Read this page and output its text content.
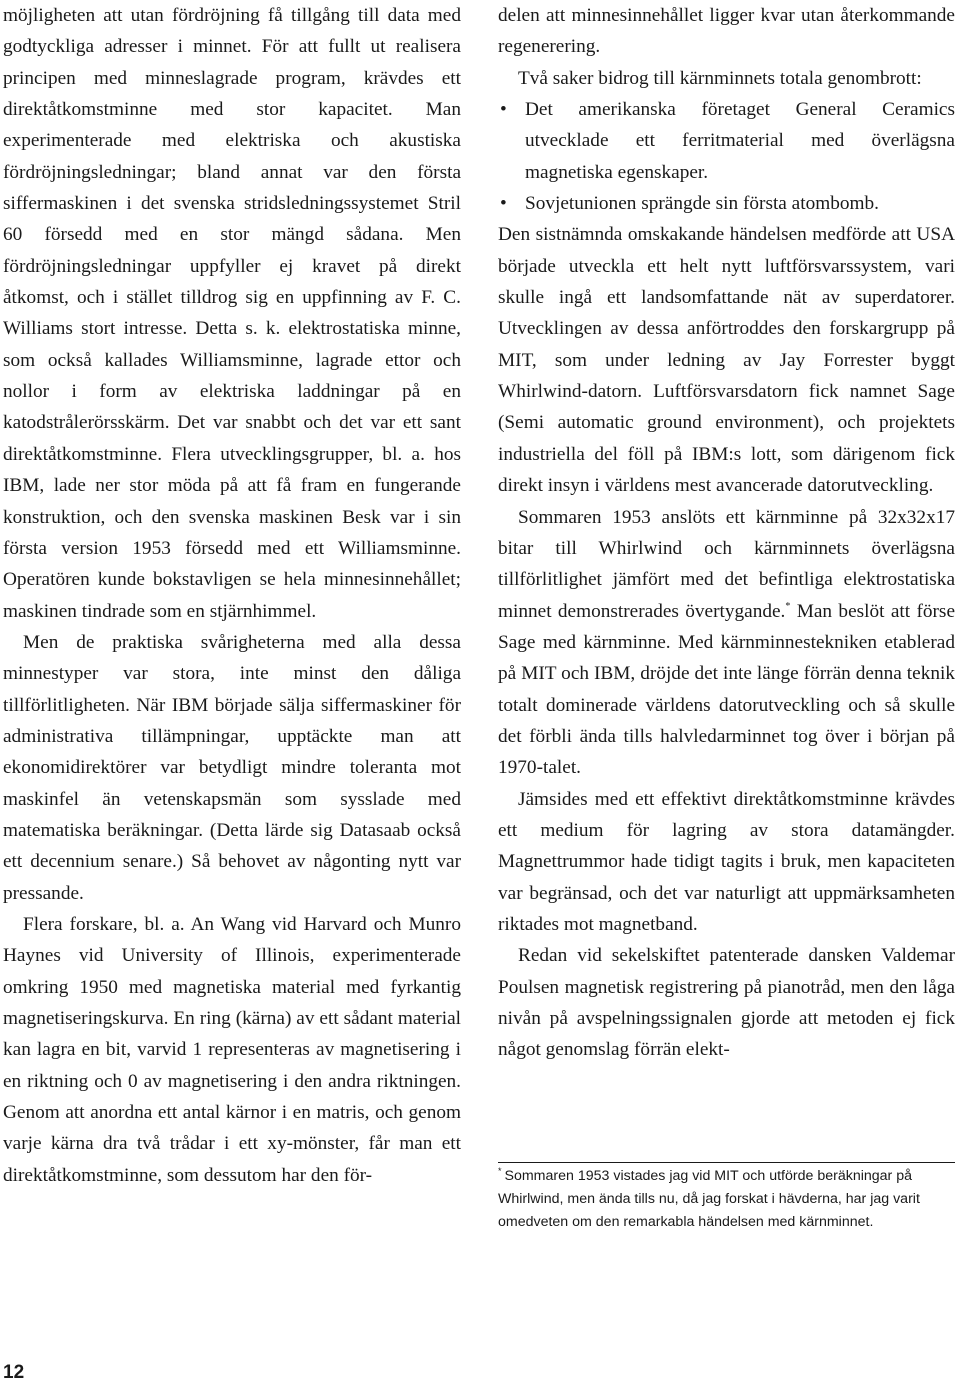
möjligheten att utan fördröjning få tillgång till data med godtyckliga adresser i minnet. För att fullt ut realisera principen med minneslagrade program, krävdes ett direktåtkomstminne med stor kapacitet. Man experimenterade med elektriska och akustiska fördröjningsledningar; bland annat var den första siffermaskinen i det svenska stridsledningssystemet Stril 60 försedd med en stor mängd sådana. Men fördröjningsledningar uppfyller ej kravet på direkt åtkomst, och i stället tilldrog sig en uppfinning av F. C. Williams stort intresse. Detta s. k. elektrostatiska minne, som också kallades Williamsminne, lagrade ettor och nollor i form av elektriska laddningar på en katodstrålerörsskärm. Det var snabbt och det var ett sant direktåtkomstminne. Flera utvecklingsgrupper, bl. a. hos IBM, lade ner stor möda på att få fram en fungerande konstruktion, och den svenska maskinen Besk var i sin första version 1953 försedd med ett Williamsminne. Operatören kunde bokstavligen se hela minnesinnehållet; maskinen tindrade som en stjärnhimmel.

Men de praktiska svårigheterna med alla dessa minnestyper var stora, inte minst den dåliga tillförlitligheten. När IBM började sälja siffermaskiner för administrativa tillämpningar, upptäckte man att ekonomidirektörer var betydligt mindre toleranta mot maskinfel än vetenskapsmän som sysslade med matematiska beräkningar. (Detta lärde sig Datasaab också ett decennium senare.) Så behovet av någonting nytt var pressande.

Flera forskare, bl. a. An Wang vid Harvard och Munro Haynes vid University of Illinois, experimenterade omkring 1950 med magnetiska material med fyrkantig magnetiseringskurva. En ring (kärna) av ett sådant material kan lagra en bit, varvid 1 representeras av magnetisering i en riktning och 0 av magnetisering i den andra riktningen. Genom att anordna ett antal kärnor i en matris, och genom varje kärna dra två trådar i ett xy-mönster, får man ett direktåtkomstminne, som dessutom har den för-

delen att minnesinnehållet ligger kvar utan återkommande regenerering.

Två saker bidrog till kärnminnets totala genombrott:

• Det amerikanska företaget General Ceramics utvecklade ett ferritmaterial med överlägsna magnetiska egenskaper.
• Sovjetunionen sprängde sin första atombomb.

Den sistnämnda omskakande händelsen medförde att USA började utveckla ett helt nytt luftförsvarssystem, vari skulle ingå ett landsomfattande nät av superdatorer. Utvecklingen av dessa anförtroddes den forskargrupp på MIT, som under ledning av Jay Forrester byggt Whirlwind-datorn. Luftförsvarsdatorn fick namnet Sage (Semi automatic ground environment), och projektets industriella del föll på IBM:s lott, som därigenom fick direkt insyn i världens mest avancerade datorutveckling.

Sommaren 1953 anslöts ett kärnminne på 32x32x17 bitar till Whirlwind och kärnminnets överlägsna tillförlitlighet jämfört med det befintliga elektrostatiska minnet demonstrerades övertygande.* Man beslöt att förse Sage med kärnminne. Med kärnminnestekniken etablerad på MIT och IBM, dröjde det inte länge förrän denna teknik totalt dominerade världens datorutveckling och så skulle det förbli ända tills halvledarminnet tog över i början på 1970-talet.

Jämsides med ett effektivt direktåtkomstminne krävdes ett medium för lagring av stora datamängder. Magnettrummor hade tidigt tagits i bruk, men kapaciteten var begränsad, och det var naturligt att uppmärksamheten riktades mot magnetband.

Redan vid sekelskiftet patenterade dansken Valdemar Poulsen magnetisk registrering på pianotråd, men den låga nivån på avspelningssignalen gjorde att metoden ej fick något genomslag förrän elekt-

* Sommaren 1953 vistades jag vid MIT och utförde beräkningar på Whirlwind, men ända tills nu, då jag forskat i hävderna, har jag varit omedveten om den remarkabla händelsen med kärnminnet.

12
